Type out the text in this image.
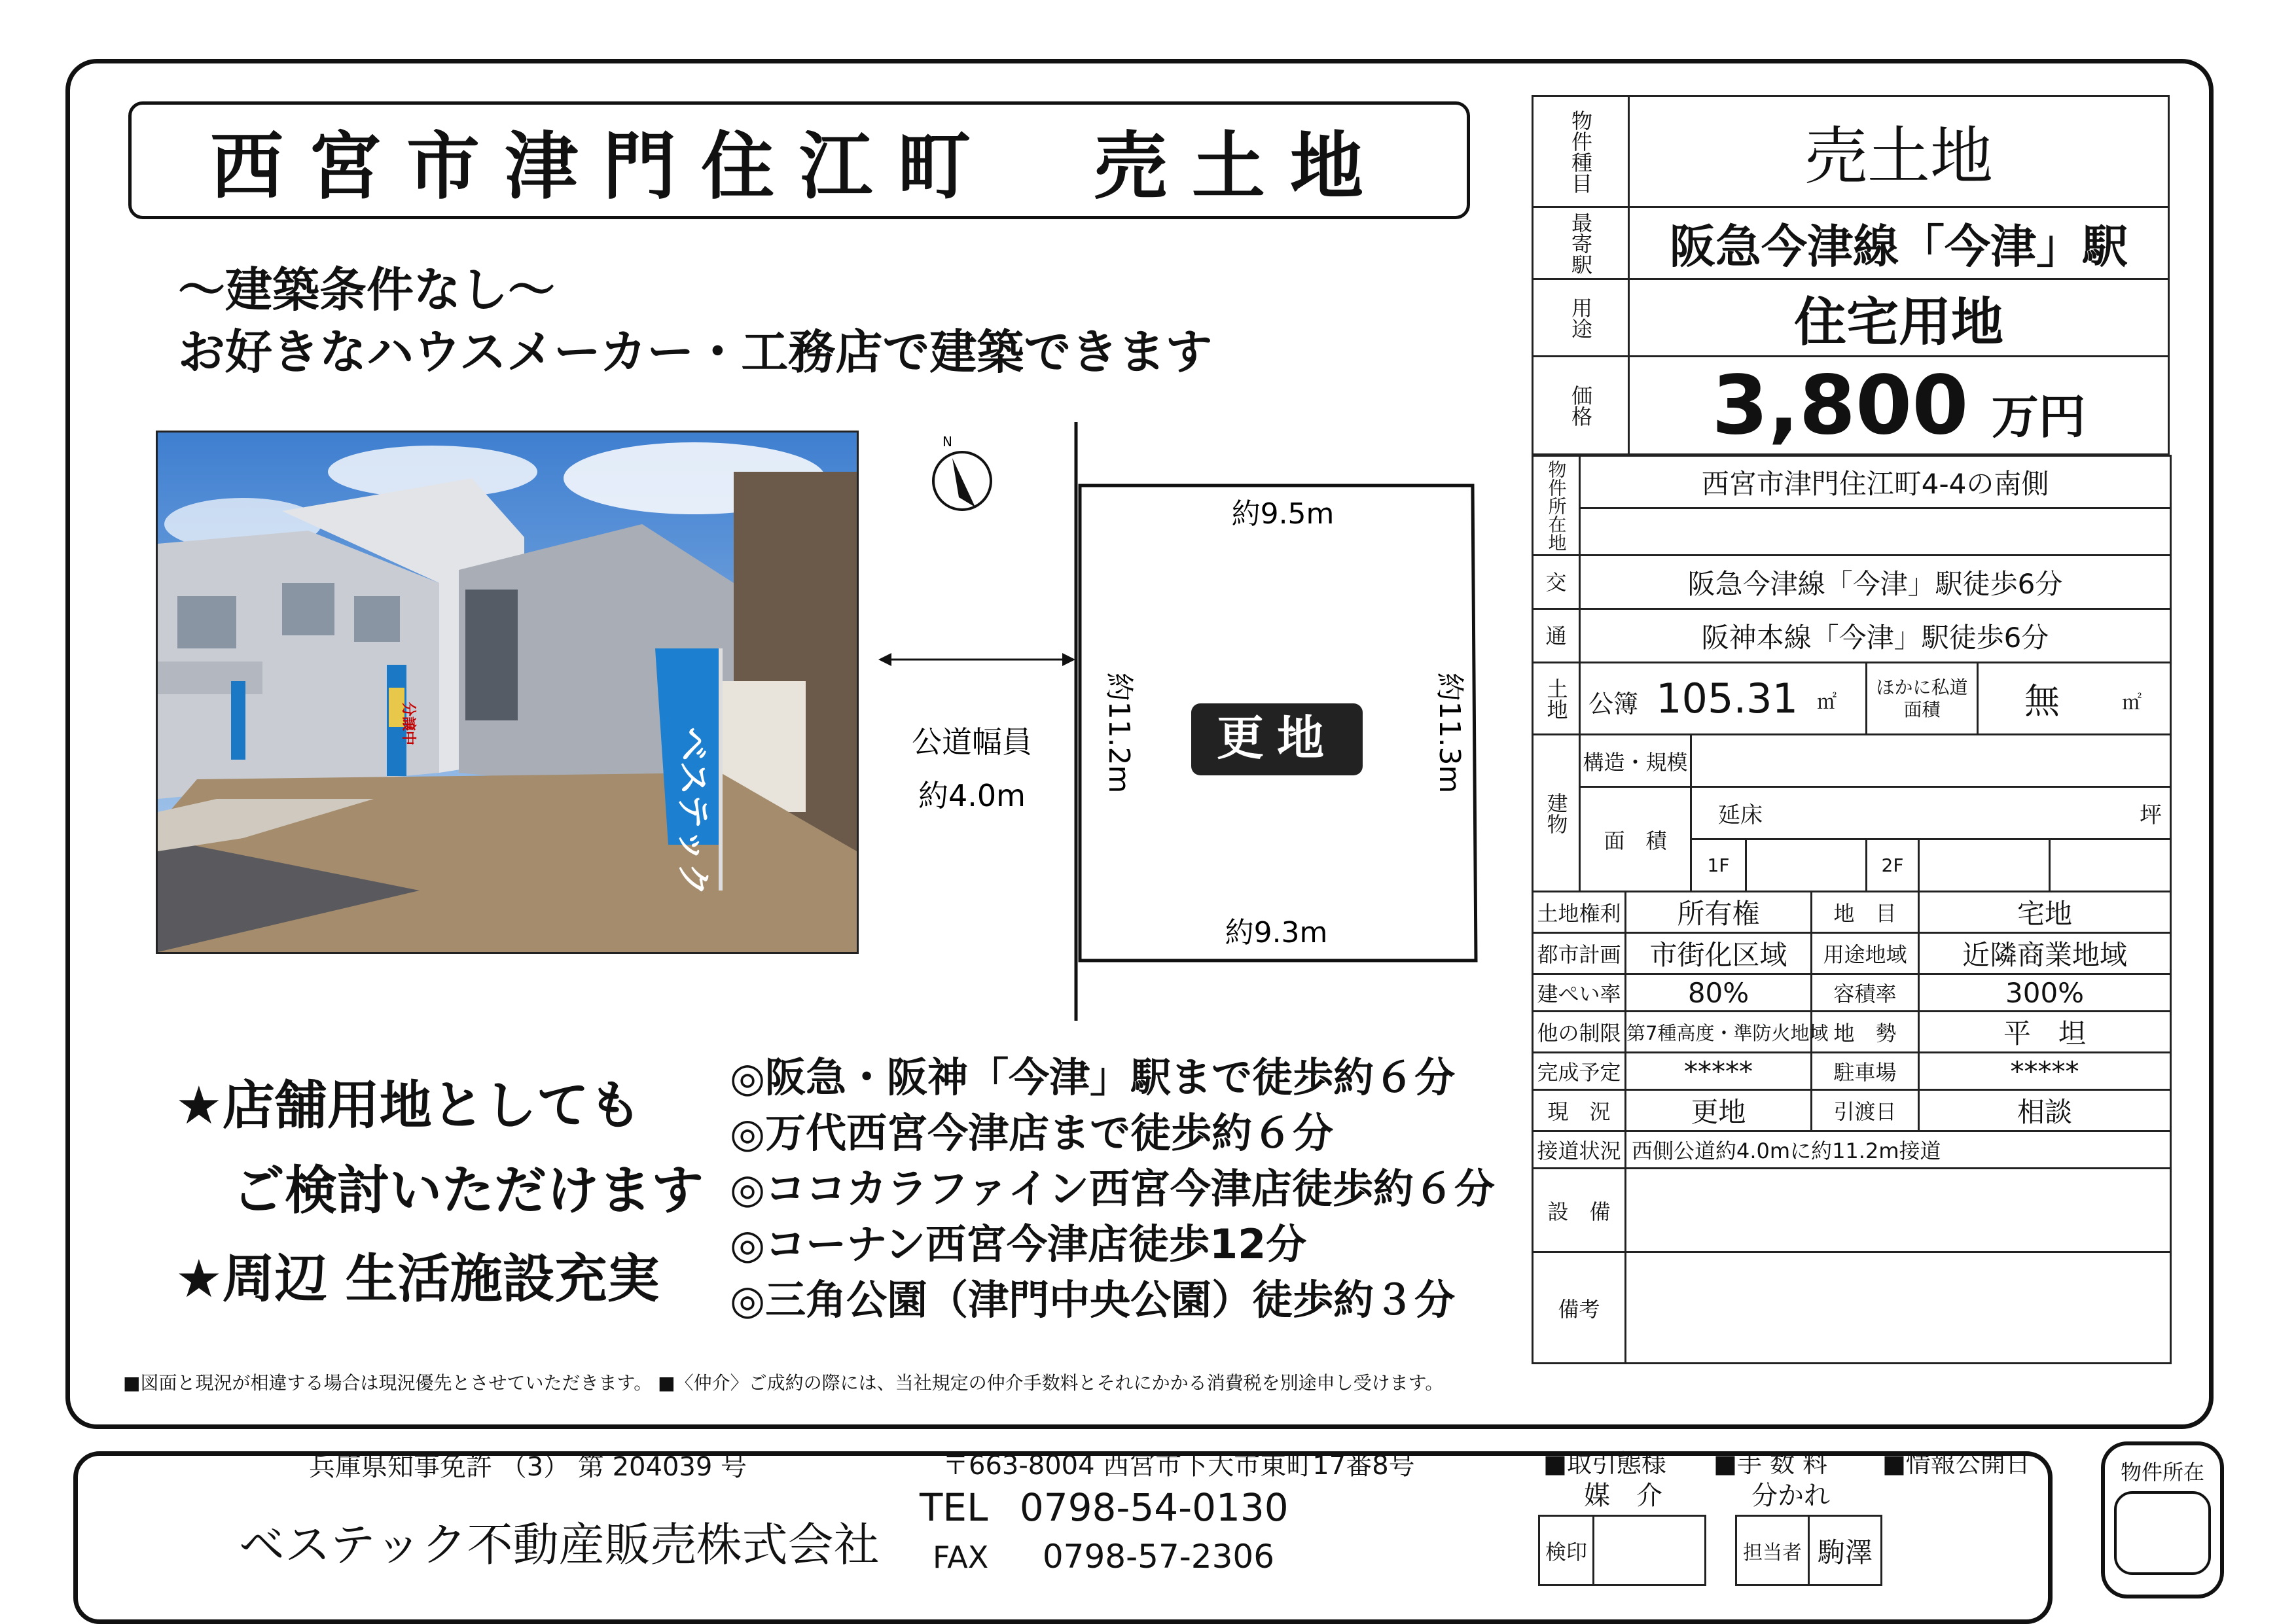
西宮市津門住江町　売土地
～建築条件なし～
お好きなハウスメーカー・工務店で建築できます
ベステック
分譲中
N
更地
約9.5m
約9.3m
約11.2m	約11.3m
公道幅員
約4.0m
★店舗用地としても
ご検討いただけます
★周辺 生活施設充実
◎阪急・阪神「今津」駅まで徒歩約６分
◎万代西宮今津店まで徒歩約６分
◎ココカラファイン西宮今津店徒歩約６分
◎コーナン西宮今津店徒歩12分
◎三角公園（津門中央公園）徒歩約３分
■図面と現況が相違する場合は現況優先とさせていただきます。 ■〈仲介〉ご成約の際には、当社規定の仲介手数料とそれにかかる消費税を別途申し受けます。
物件種目	売土地

最寄駅	阪急今津線「今津」駅

用途	住宅用地

価格	3,800 万円
物件所在地	西宮市津門住江町4-4の南側								

交	阪急今津線「今津」駅徒歩6分								
通	阪神本線「今津」駅徒歩6分								

土地	公簿 105.31 ㎡					ほかに私道面積		無 ㎡	

建物	構造・規模								
	面　積		延床 坪						

			1F			2F			
土地権利		所有権			地　目		宅地		
都市計画		市街化区域			用途地域		近隣商業地域		
建ぺい率		80%			容積率		300%		
他の制限		第7種高度・準防火地域			地　勢		平　坦		
完成予定		*****			駐車場		*****		
現　況		更地			引渡日		相談		
接道状況		西側公道約4.0mに約11.2m接道							
設　備									
備考									
兵庫県知事免許 （3） 第 204039 号	〒663-8004 西宮市下大市東町17番8号
ベステック不動産販売株式会社
TEL 0798-54-0130
FAX 0798-57-2306
■取引態様
媒　介
■手 数 料
分かれ
■情報公開日
検印			担当者	駒澤
物件所在
